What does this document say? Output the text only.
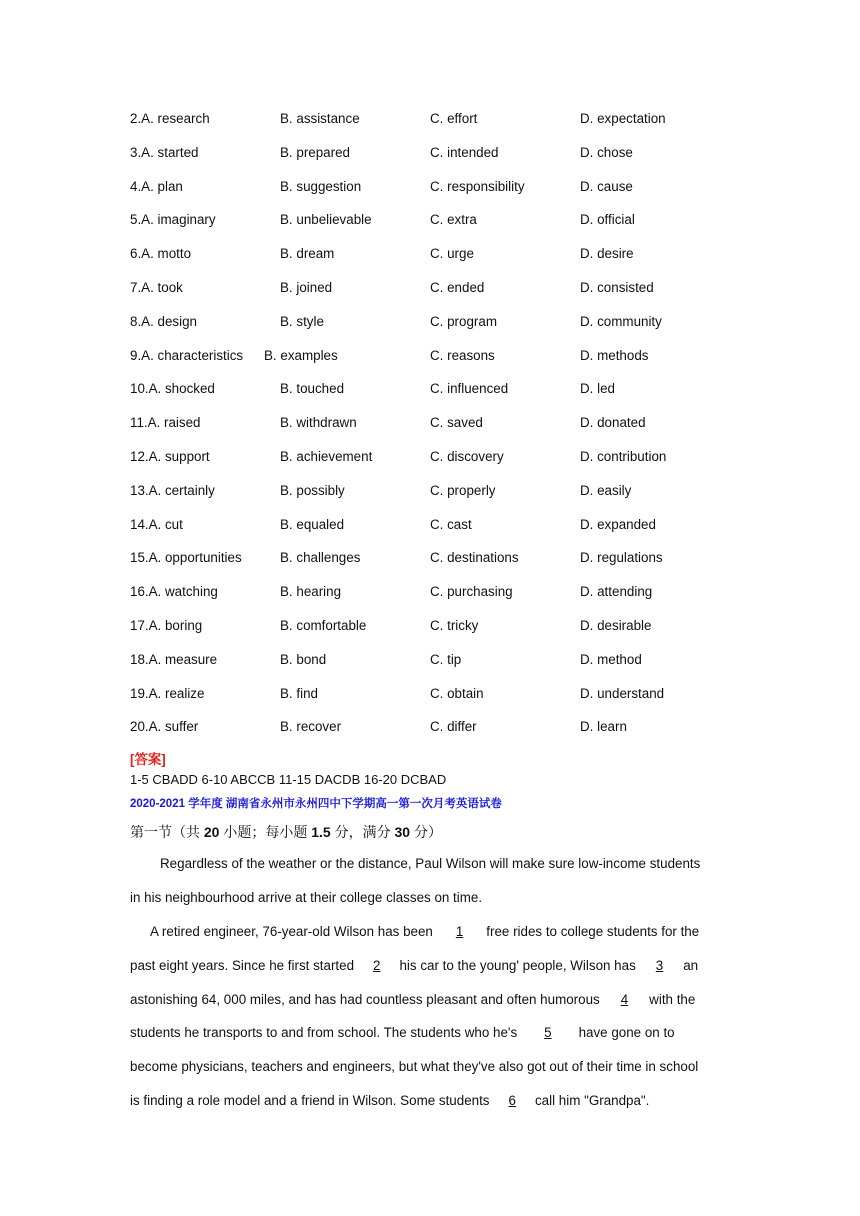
2.A. research	B. assistance	C. effort	D. expectation
3.A. started	B. prepared	C. intended	D. chose
4.A. plan	B. suggestion	C. responsibility	D. cause
5.A. imaginary	B. unbelievable	C. extra	D. official
6.A. motto	B. dream	C. urge	D. desire
7.A. took	B. joined	C. ended	D. consisted
8.A. design	B. style	C. program	D. community
9.A. characteristics B. examples	C. reasons	D. methods
10.A. shocked	B. touched	C. influenced	D. led
11.A. raised	B. withdrawn	C. saved	D. donated
12.A. support	B. achievement	C. discovery	D. contribution
13.A. certainly	B. possibly	C. properly	D. easily
14.A. cut	B. equaled	C. cast	D. expanded
15.A. opportunities	B. challenges	C. destinations	D. regulations
16.A. watching	B. hearing	C. purchasing	D. attending
17.A. boring	B. comfortable	C. tricky	D. desirable
18.A. measure	B. bond	C. tip	D. method
19.A. realize	B. find	C. obtain	D. understand
20.A. suffer	B. recover	C. differ	D. learn
[答案]
1-5 CBADD 6-10 ABCCB 11-15 DACDB 16-20 DCBAD
2020-2021 学年度 湖南省永州市永州四中下学期高一第一次月考英语试卷
第一节（共 20 小题；每小题 1.5 分，满分 30 分）
Regardless of the weather or the distance, Paul Wilson will make sure low-income students
in his neighbourhood arrive at their college classes on time.
A retired engineer, 76-year-old Wilson has been 1 free rides to college students for the
past eight years. Since he first started 2 his car to the young' people, Wilson has 3 an
astonishing 64, 000 miles, and has had countless pleasant and often humorous 4 with the
students he transports to and from school. The students who he's 5 have gone on to
become physicians, teachers and engineers, but what they've also got out of their time in school
is finding a role model and a friend in Wilson. Some students 6 call him "Grandpa".
